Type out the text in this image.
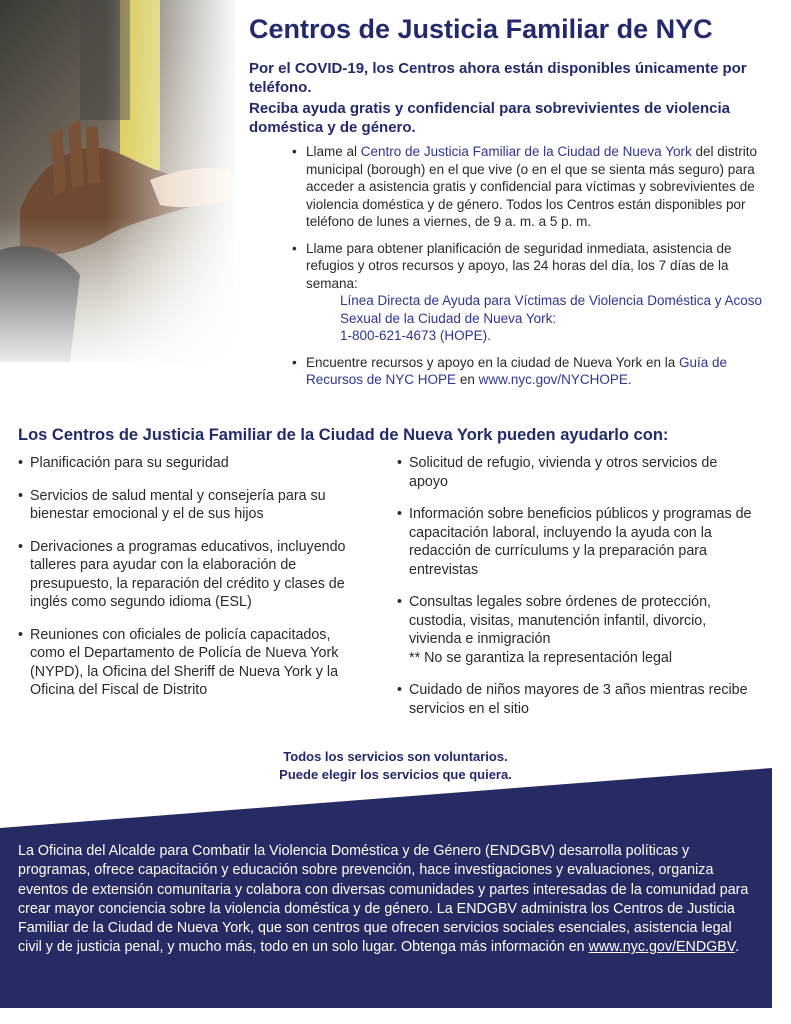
Centros de Justicia Familiar de NYC

Por el COVID-19, los Centros ahora están disponibles únicamente por teléfono.

Reciba ayuda gratis y confidencial para sobrevivientes de violencia doméstica y de género.

• Llame al Centro de Justicia Familiar de la Ciudad de Nueva York del distrito municipal (borough) en el que vive (o en el que se sienta más seguro) para acceder a asistencia gratis y confidencial para víctimas y sobrevivientes de violencia doméstica y de género. Todos los Centros están disponibles por teléfono de lunes a viernes, de 9 a. m. a 5 p. m.
• Llame para obtener planificación de seguridad inmediata, asistencia de refugios y otros recursos y apoyo, las 24 horas del día, los 7 días de la semana:
Línea Directa de Ayuda para Víctimas de Violencia Doméstica y Acoso Sexual de la Ciudad de Nueva York:
1-800-621-4673 (HOPE).
• Encuentre recursos y apoyo en la ciudad de Nueva York en la Guía de Recursos de NYC HOPE en www.nyc.gov/NYCHOPE.
Los Centros de Justicia Familiar de la Ciudad de Nueva York pueden ayudarlo con:
• Planificación para su seguridad
• Servicios de salud mental y consejería para su bienestar emocional y el de sus hijos
• Derivaciones a programas educativos, incluyendo talleres para ayudar con la elaboración de presupuesto, la reparación del crédito y clases de inglés como segundo idioma (ESL)
• Reuniones con oficiales de policía capacitados, como el Departamento de Policía de Nueva York (NYPD), la Oficina del Sheriff de Nueva York y la Oficina del Fiscal de Distrito
• Solicitud de refugio, vivienda y otros servicios de apoyo
• Información sobre beneficios públicos y programas de capacitación laboral, incluyendo la ayuda con la redacción de currículums y la preparación para entrevistas
• Consultas legales sobre órdenes de protección, custodia, visitas, manutención infantil, divorcio, vivienda e inmigración
** No se garantiza la representación legal
• Cuidado de niños mayores de 3 años mientras recibe servicios en el sitio
Todos los servicios son voluntarios.
Puede elegir los servicios que quiera.

La Oficina del Alcalde para Combatir la Violencia Doméstica y de Género (ENDGBV) desarrolla políticas y programas, ofrece capacitación y educación sobre prevención, hace investigaciones y evaluaciones, organiza eventos de extensión comunitaria y colabora con diversas comunidades y partes interesadas de la comunidad para crear mayor conciencia sobre la violencia doméstica y de género. La ENDGBV administra los Centros de Justicia Familiar de la Ciudad de Nueva York, que son centros que ofrecen servicios sociales esenciales, asistencia legal civil y de justicia penal, y mucho más, todo en un solo lugar. Obtenga más información en www.nyc.gov/ENDGBV.
